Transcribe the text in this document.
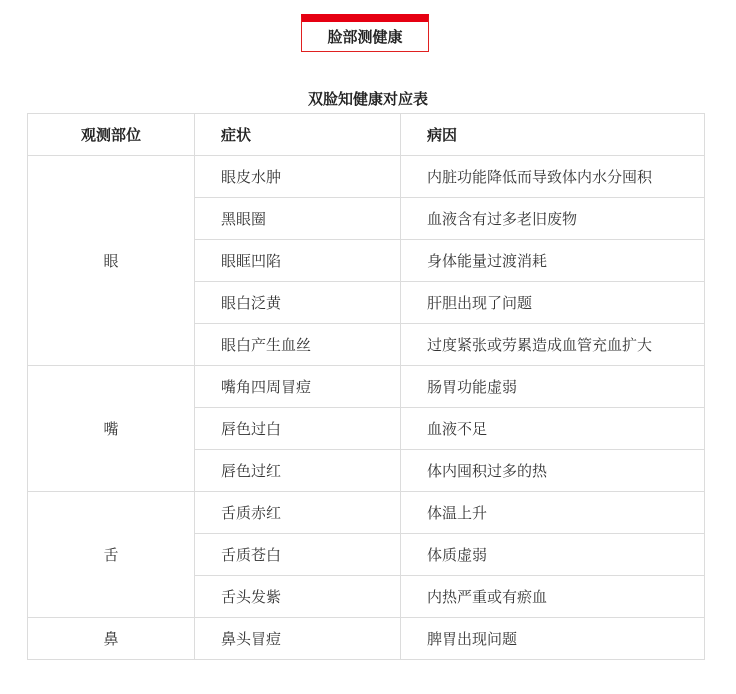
脸部测健康
双脸知健康对应表
观测部位	症状	病因
眼	眼皮水肿	内脏功能降低而导致体内水分囤积
	黑眼圈	血液含有过多老旧废物
	眼眶凹陷	身体能量过渡消耗
	眼白泛黄	肝胆出现了问题
	眼白产生血丝	过度紧张或劳累造成血管充血扩大
嘴	嘴角四周冒痘	肠胃功能虚弱
	唇色过白	血液不足
	唇色过红	体内囤积过多的热
舌	舌质赤红	体温上升
	舌质苍白	体质虚弱
	舌头发紫	内热严重或有瘀血
鼻	鼻头冒痘	脾胃出现问题
